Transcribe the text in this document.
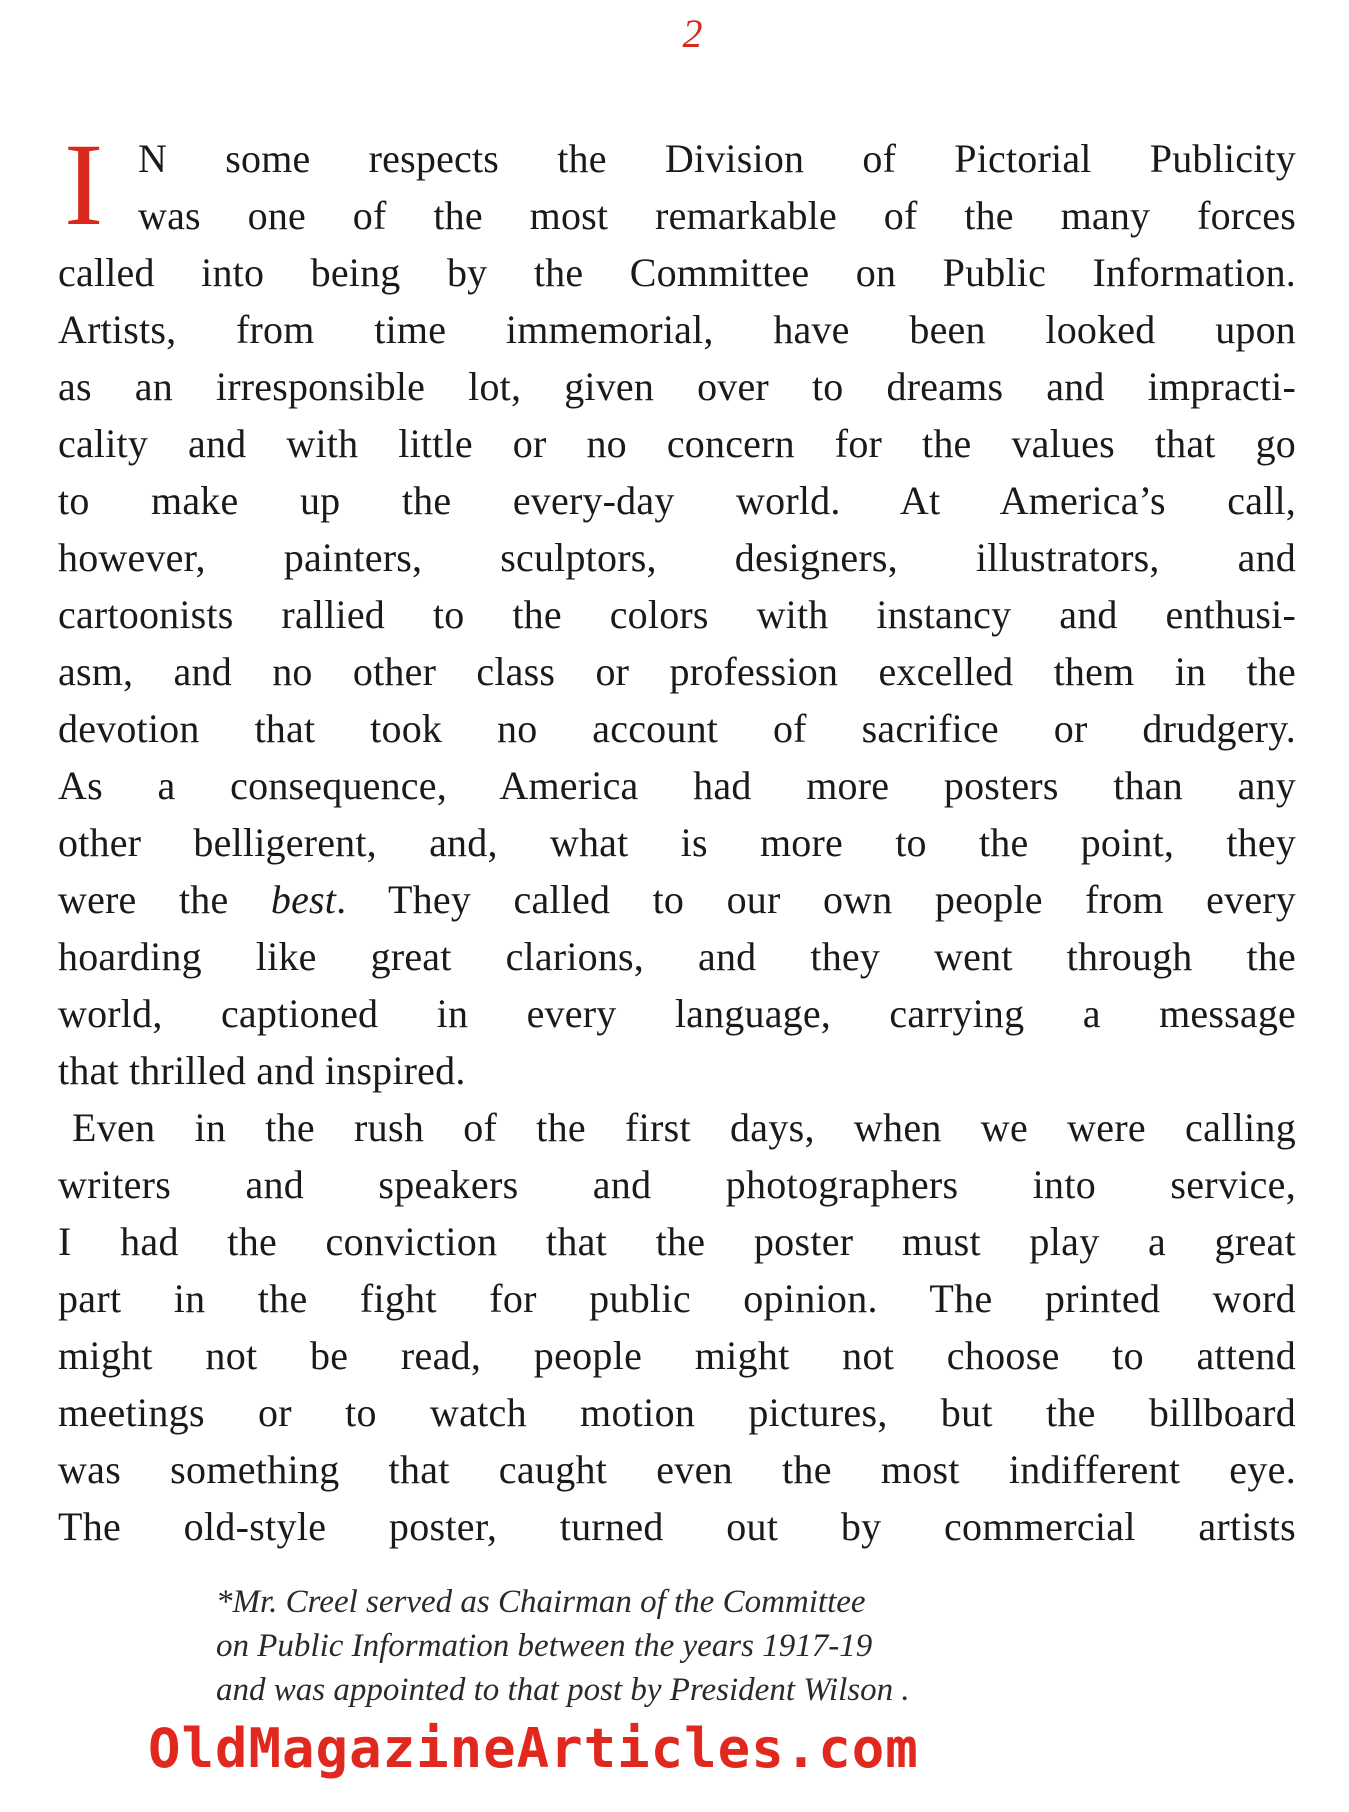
2
I N some respects the Division of Pictorial Publicity
was one of the most remarkable of the many forces
called into being by the Committee on Public Information.
Artists, from time immemorial, have been looked upon
as an irresponsible lot, given over to dreams and impracti-
cality and with little or no concern for the values that go
to make up the every-day world. At America’s call,
however, painters, sculptors, designers, illustrators, and
cartoonists rallied to the colors with instancy and enthusi-
asm, and no other class or profession excelled them in the
devotion that took no account of sacrifice or drudgery.
As a consequence, America had more posters than any
other belligerent, and, what is more to the point, they
were the best. They called to our own people from every
hoarding like great clarions, and they went through the
world, captioned in every language, carrying a message
that thrilled and inspired.
Even in the rush of the first days, when we were calling
writers and speakers and photographers into service,
I had the conviction that the poster must play a great
part in the fight for public opinion. The printed word
might not be read, people might not choose to attend
meetings or to watch motion pictures, but the billboard
was something that caught even the most indifferent eye.
The old-style poster, turned out by commercial artists
*Mr. Creel served as Chairman of the Committee
on Public Information between the years 1917-19
and was appointed to that post by President Wilson .
OldMagazineArticles.com
